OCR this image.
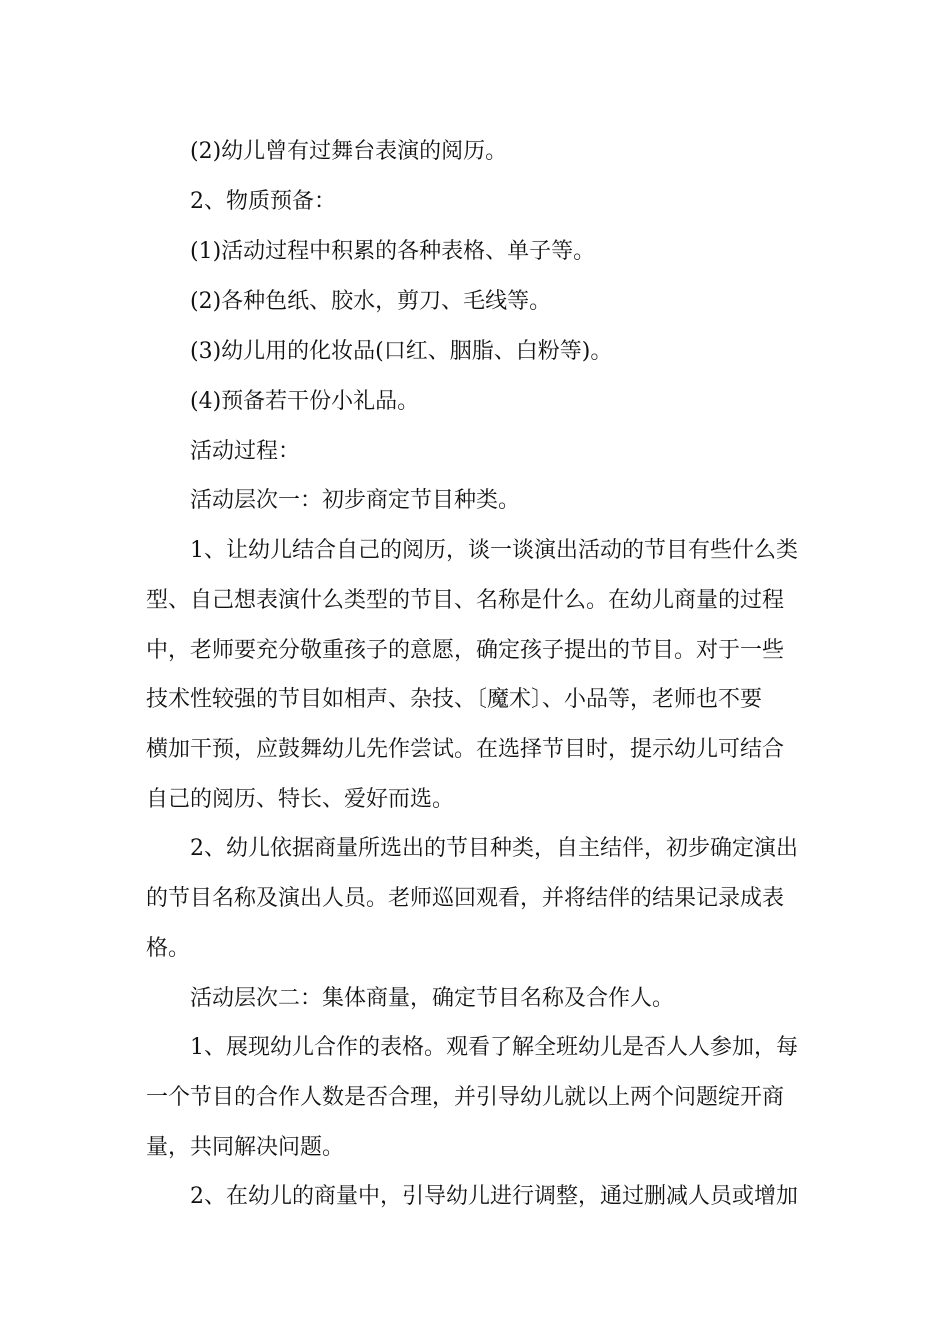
(2)幼儿曾有过舞台表演的阅历。
2、物质预备：
(1)活动过程中积累的各种表格、单子等。
(2)各种色纸、胶水，剪刀、毛线等。
(3)幼儿用的化妆品(口红、胭脂、白粉等)。
(4)预备若干份小礼品。
活动过程：
活动层次一：初步商定节目种类。
1、让幼儿结合自己的阅历，谈一谈演出活动的节目有些什么类
型、自己想表演什么类型的节目、名称是什么。在幼儿商量的过程
中，老师要充分敬重孩子的意愿，确定孩子提出的节目。对于一些
技术性较强的节目如相声、杂技、〔魔术〕、小品等，老师也不要
横加干预，应鼓舞幼儿先作尝试。在选择节目时，提示幼儿可结合
自己的阅历、特长、爱好而选。
2、幼儿依据商量所选出的节目种类，自主结伴，初步确定演出
的节目名称及演出人员。老师巡回观看，并将结伴的结果记录成表
格。
活动层次二：集体商量，确定节目名称及合作人。
1、展现幼儿合作的表格。观看了解全班幼儿是否人人参加，每
一个节目的合作人数是否合理，并引导幼儿就以上两个问题绽开商
量，共同解决问题。
2、在幼儿的商量中，引导幼儿进行调整，通过删减人员或增加
